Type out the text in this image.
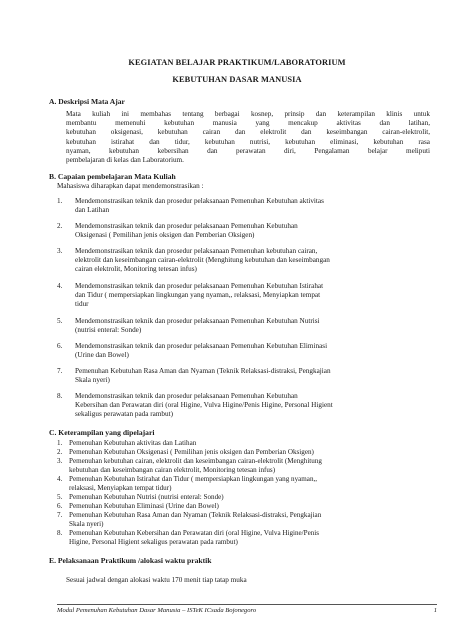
KEGIATAN BELAJAR PRAKTIKUM/LABORATORIUM
KEBUTUHAN DASAR MANUSIA
A. Deskripsi Mata Ajar
Mata kuliah ini membahas tentang berbagai kosnep, prinsip dan keterampilan klinis untuk
membantu memenuhi kebutuhan manusia yang mencakup aktivitas dan latihan,
kebutuhan oksigenasi, kebutuhan cairan dan elektrolit dan keseimbangan cairan-elektrolit,
kebutuhan istirahat dan tidur, kebutuhan nutrisi, kebutuhan eliminasi, kebutuhan rasa
nyaman, kebutuhan kebersihan dan perawatan diri, Pengalaman belajar meliputi
pembelajaran di kelas dan Laboratorium.
B. Capaian pembelajaran Mata Kuliah
Mahasiswa diharapkan dapat mendemonstrasikan :
1. Mendemonstrasikan teknik dan prosedur pelaksanaan Pemenuhan Kebutuhan aktivitas
dan Latihan
2. Mendemonstrasikan teknik dan prosedur pelaksanaan Pemenuhan Kebutuhan
Oksigenasi ( Pemilihan jenis oksigen dan Pemberian Oksigen)
3. Mendemonstrasikan teknik dan prosedur pelaksanaan Pemenuhan kebutuhan cairan,
elektrolit dan keseimbangan cairan-elektrolit (Menghitung kebutuhan dan keseimbangan
cairan elektrolit, Monitoring tetesan infus)
4. Mendemonstrasikan teknik dan prosedur pelaksanaan Pemenuhan Kebutuhan Istirahat
dan Tidur ( mempersiapkan lingkungan yang nyaman,, relaksasi, Menyiapkan tempat
tidur
5. Mendemonstrasikan teknik dan prosedur pelaksanaan Pemenuhan Kebutuhan Nutrisi
(nutrisi enteral: Sonde)
6. Mendemonstrasikan teknik dan prosedur pelaksanaan Pemenuhan Kebutuhan Eliminasi
(Urine dan Bowel)
7. Pemenuhan Kebutuhan Rasa Aman dan Nyaman (Teknik Relaksasi-distraksi, Pengkajian
Skala nyeri)
8. Mendemonstrasikan teknik dan prosedur pelaksanaan Pemenuhan Kebutuhan
Kebersihan dan Perawatan diri (oral Higine, Vulva Higine/Penis Higine, Personal Higient
sekaligus perawatan pada rambut)
C. Keterampilan yang dipelajari
1. Pemenuhan Kebutuhan aktivitas dan Latihan
2. Pemenuhan Kebutuhan Oksigenasi ( Pemilihan jenis oksigen dan Pemberian Oksigen)
3. Pemenuhan kebutuhan cairan, elektrolit dan keseimbangan cairan-elektrolit (Menghitung
kebutuhan dan keseimbangan cairan elektrolit, Monitoring tetesan infus)
4. Pemenuhan Kebutuhan Istirahat dan Tidur ( mempersiapkan lingkungan yang nyaman,,
relaksasi, Menyiapkan tempat tidur)
5. Pemenuhan Kebutuhan Nutrisi (nutrisi enteral: Sonde)
6. Pemenuhan Kebutuhan Eliminasi (Urine dan Bowel)
7. Pemenuhan Kebutuhan Rasa Aman dan Nyaman (Teknik Relaksasi-distraksi, Pengkajian
Skala nyeri)
8. Pemenuhan Kebutuhan Kebersihan dan Perawatan diri (oral Higine, Vulva Higine/Penis
Higine, Personal Higient sekaligus perawatan pada rambut)
E. Pelaksanaan Praktikum /alokasi waktu praktik
Sesuai jadwal dengan alokasi waktu 170 menit tiap tatap muka
Modul Pemenuhan Kebutuhan Dasar Manusia – ISTeK ICsada Bojonegoro	1
